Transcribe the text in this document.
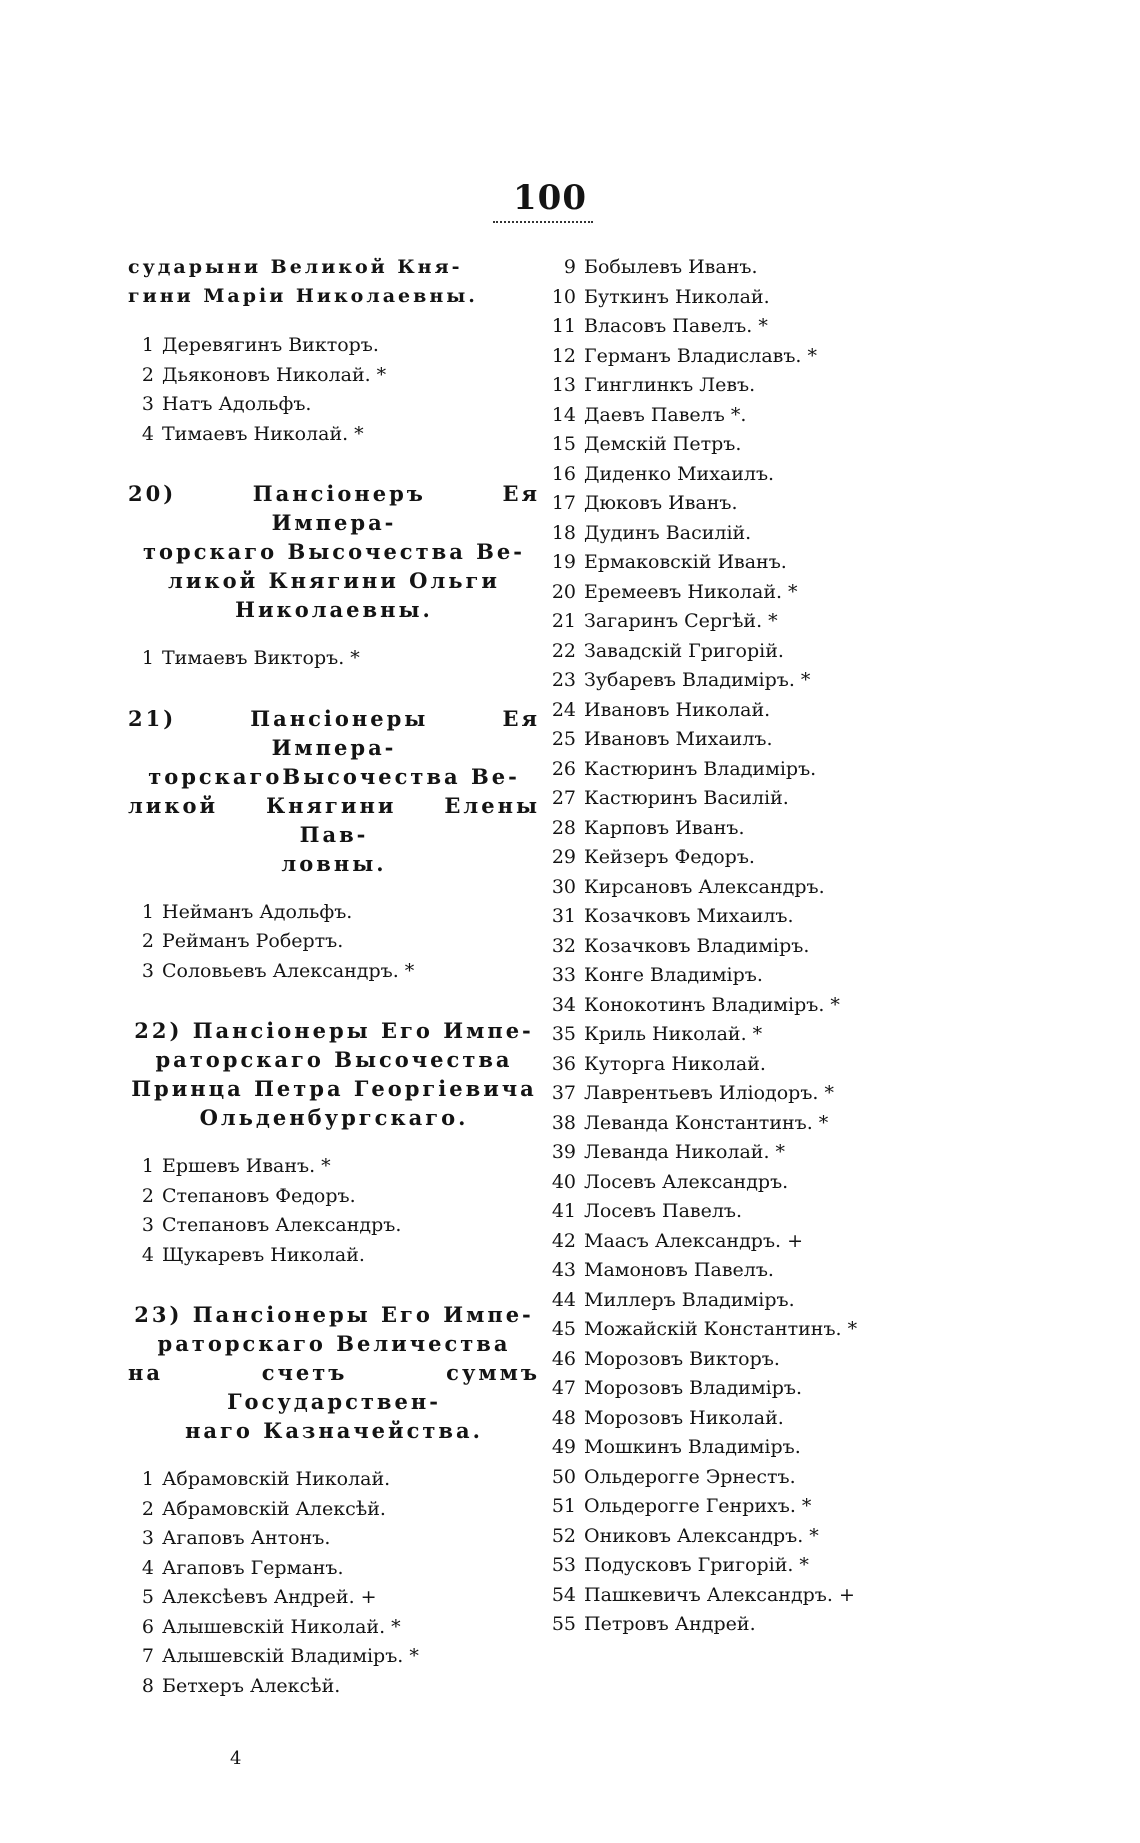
100
сударыни Великой Кня-
гини Марiи Николаевны.
1 Деревягинъ Викторъ.
2 Дьяконовъ Николай. *
3 Натъ Адольфъ.
4 Тимаевъ Николай. *
20) Пансiонеръ Ея Импера-
торскаго Высочества Ве-
ликой Княгини Ольги
Николаевны.
1 Тимаевъ Викторъ. *
21) Пансiонеры Ея Импера-
торскагоВысочества Ве-
ликой Княгини Елены Пав-
ловны.
1 Нейманъ Адольфъ.
2 Рейманъ Робертъ.
3 Соловьевъ Александръ. *
22) Пансiонеры Его Импе-
раторскаго Высочества
Принца Петра Георгiевича
Ольденбургскаго.
1 Ершевъ Иванъ. *
2 Степановъ Федоръ.
3 Степановъ Александръ.
4 Щукаревъ Николай.
23) Пансiонеры Его Импе-
раторскаго Величества
на счетъ суммъ Государствен-
наго Казначейства.
1 Абрамовскiй Николай.
2 Абрамовскiй Алексѣй.
3 Агаповъ Антонъ.
4 Агаповъ Германъ.
5 Алексѣевъ Андрей. +
6 Алышевскiй Николай. *
7 Алышевскiй Владимiръ. *
8 Бетхеръ Алексѣй.
9 Бобылевъ Иванъ.
10 Буткинъ Николай.
11 Власовъ Павелъ. *
12 Германъ Владиславъ. *
13 Гинглинкъ Левъ.
14 Даевъ Павелъ *.
15 Демскiй Петръ.
16 Диденко Михаилъ.
17 Дюковъ Иванъ.
18 Дудинъ Василiй.
19 Ермаковскiй Иванъ.
20 Еремеевъ Николай. *
21 Загаринъ Сергѣй. *
22 Завадскiй Григорiй.
23 Зубаревъ Владимiръ. *
24 Ивановъ Николай.
25 Ивановъ Михаилъ.
26 Кастюринъ Владимiръ.
27 Кастюринъ Василiй.
28 Карповъ Иванъ.
29 Кейзеръ Федоръ.
30 Кирсановъ Александръ.
31 Козачковъ Михаилъ.
32 Козачковъ Владимiръ.
33 Конге Владимiръ.
34 Конокотинъ Владимiръ. *
35 Криль Николай. *
36 Куторга Николай.
37 Лаврентьевъ Илiодоръ. *
38 Леванда Константинъ. *
39 Леванда Николай. *
40 Лосевъ Александръ.
41 Лосевъ Павелъ.
42 Маасъ Александръ. +
43 Мамоновъ Павелъ.
44 Миллеръ Владимiръ.
45 Можайскiй Константинъ. *
46 Морозовъ Викторъ.
47 Морозовъ Владимiръ.
48 Морозовъ Николай.
49 Мошкинъ Владимiръ.
50 Ольдерогге Эрнестъ.
51 Ольдерогге Генрихъ. *
52 Ониковъ Александръ. *
53 Подусковъ Григорiй. *
54 Пашкевичъ Александръ. +
55 Петровъ Андрей.
4
